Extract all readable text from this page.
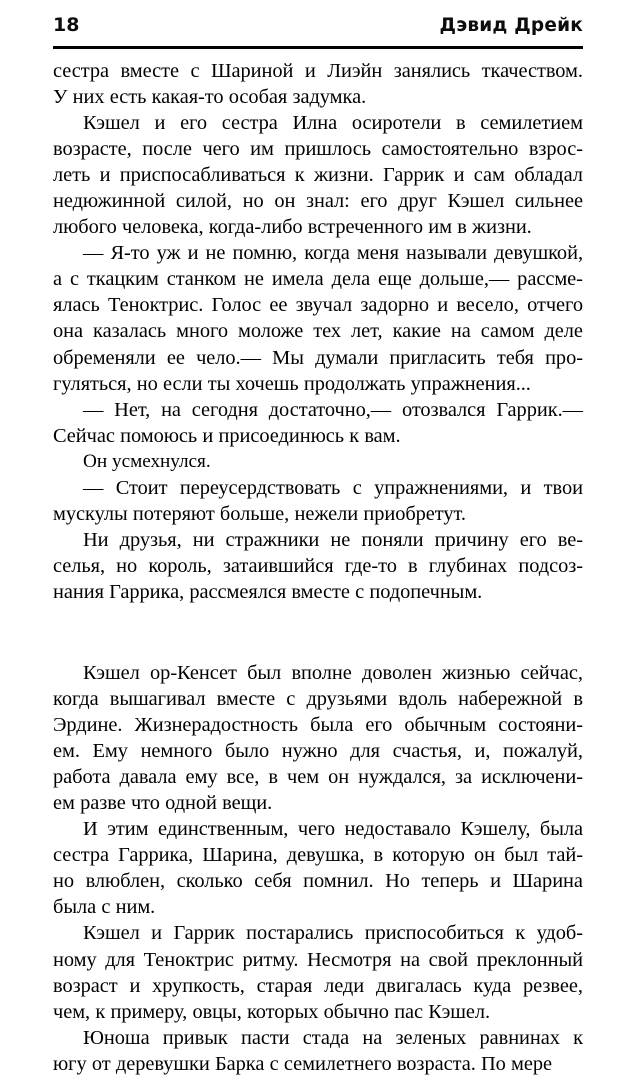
18	Дэвид Дрейк

сестра вместе с Шариной и Лиэйн занялись ткачеством.
У них есть какая-то особая задумка.

Кэшел и его сестра Илна осиротели в семилетием
возрасте, после чего им пришлось самостоятельно взрос-
леть и приспосабливаться к жизни. Гаррик и сам обладал
недюжинной силой, но он знал: его друг Кэшел сильнее
любого человека, когда-либо встреченного им в жизни.

— Я-то уж и не помню, когда меня называли девушкой,
а с ткацким станком не имела дела еще дольше,— рассме-
ялась Теноктрис. Голос ее звучал задорно и весело, отчего
она казалась много моложе тех лет, какие на самом деле
обременяли ее чело.— Мы думали пригласить тебя про-
гуляться, но если ты хочешь продолжать упражнения...

— Нет, на сегодня достаточно,— отозвался Гаррик.—
Сейчас помоюсь и присоединюсь к вам.

Он усмехнулся.

— Стоит переусердствовать с упражнениями, и твои
мускулы потеряют больше, нежели приобретут.

Ни друзья, ни стражники не поняли причину его ве-
селья, но король, затаившийся где-то в глубинах подсоз-
нания Гаррика, рассмеялся вместе с подопечным.

Кэшел ор-Кенсет был вполне доволен жизнью сейчас,
когда вышагивал вместе с друзьями вдоль набережной в
Эрдине. Жизнерадостность была его обычным состояни-
ем. Ему немного было нужно для счастья, и, пожалуй,
работа давала ему все, в чем он нуждался, за исключени-
ем разве что одной вещи.

И этим единственным, чего недоставало Кэшелу, была
сестра Гаррика, Шарина, девушка, в которую он был тай-
но влюблен, сколько себя помнил. Но теперь и Шарина
была с ним.

Кэшел и Гаррик постарались приспособиться к удоб-
ному для Теноктрис ритму. Несмотря на свой преклонный
возраст и хрупкость, старая леди двигалась куда резвее,
чем, к примеру, овцы, которых обычно пас Кэшел.

Юноша привык пасти стада на зеленых равнинах к
югу от деревушки Барка с семилетнего возраста. По мере
